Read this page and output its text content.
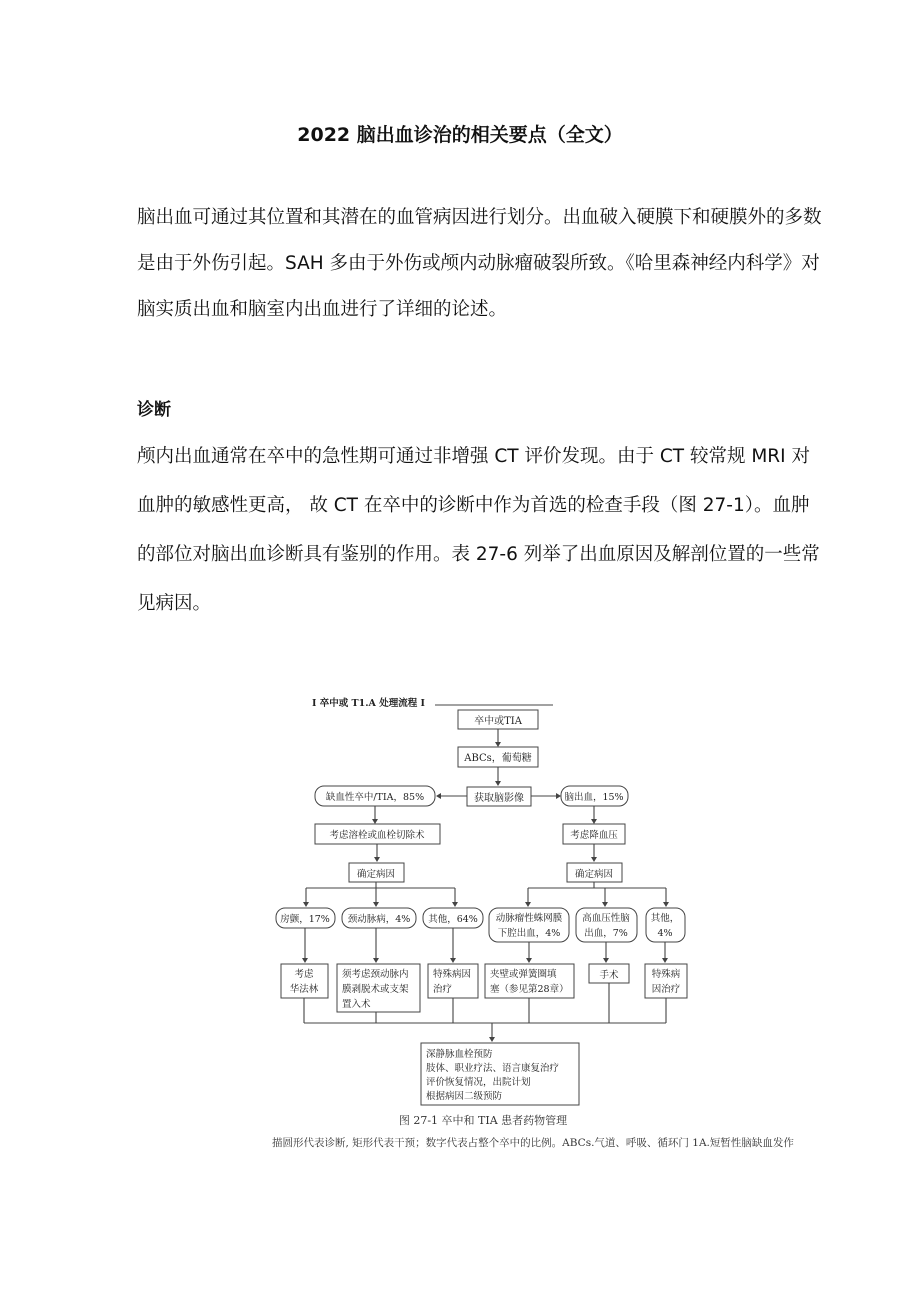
2022 脑出血诊治的相关要点（全文）

脑出血可通过其位置和其潜在的血管病因进行划分。出血破入硬膜下和硬膜外的多数
是由于外伤引起。SAH 多由于外伤或颅内动脉瘤破裂所致。《哈里森神经内科学》对
脑实质出血和脑室内出血进行了详细的论述。

诊断

颅内出血通常在卒中的急性期可通过非增强 CT 评价发现。由于 CT 较常规 MRI 对
血肿的敏感性更高， 故 CT 在卒中的诊断中作为首选的检查手段（图 27-1）。血肿
的部位对脑出血诊断具有鉴别的作用。表 27-6 列举了出血原因及解剖位置的一些常
见病因。

I 卒中或 T1.A 处理流程 I
卒中或TIA
ABCs，葡萄糖
获取脑影像
缺血性卒中/TIA，85%	脑出血，15%
考虑溶栓或血栓切除术	考虑降血压
确定病因	确定病因
房颤，17% 颈动脉病，4% 其他，64% 动脉瘤性蛛网膜
下腔出血，4%
高血压性脑
出血，7%
其他，
4%
考虑
华法林
须考虑颈动脉内
膜剥脱术或支架
置入术
特殊病因
治疗
夹壁或弹簧圈填
塞（参见第28章）
手术	特殊病
因治疗
深静脉血栓预防
肢体、职业疗法、语言康复治疗
评价恢复情况，出院计划
根据病因二级预防
图 27-1 卒中和 TIA 患者药物管理
描圆形代表诊断, 矩形代表干预；数字代表占整个卒中的比例。ABCs.气道、呼吸、循环门 1A.短暂性脑缺血发作
